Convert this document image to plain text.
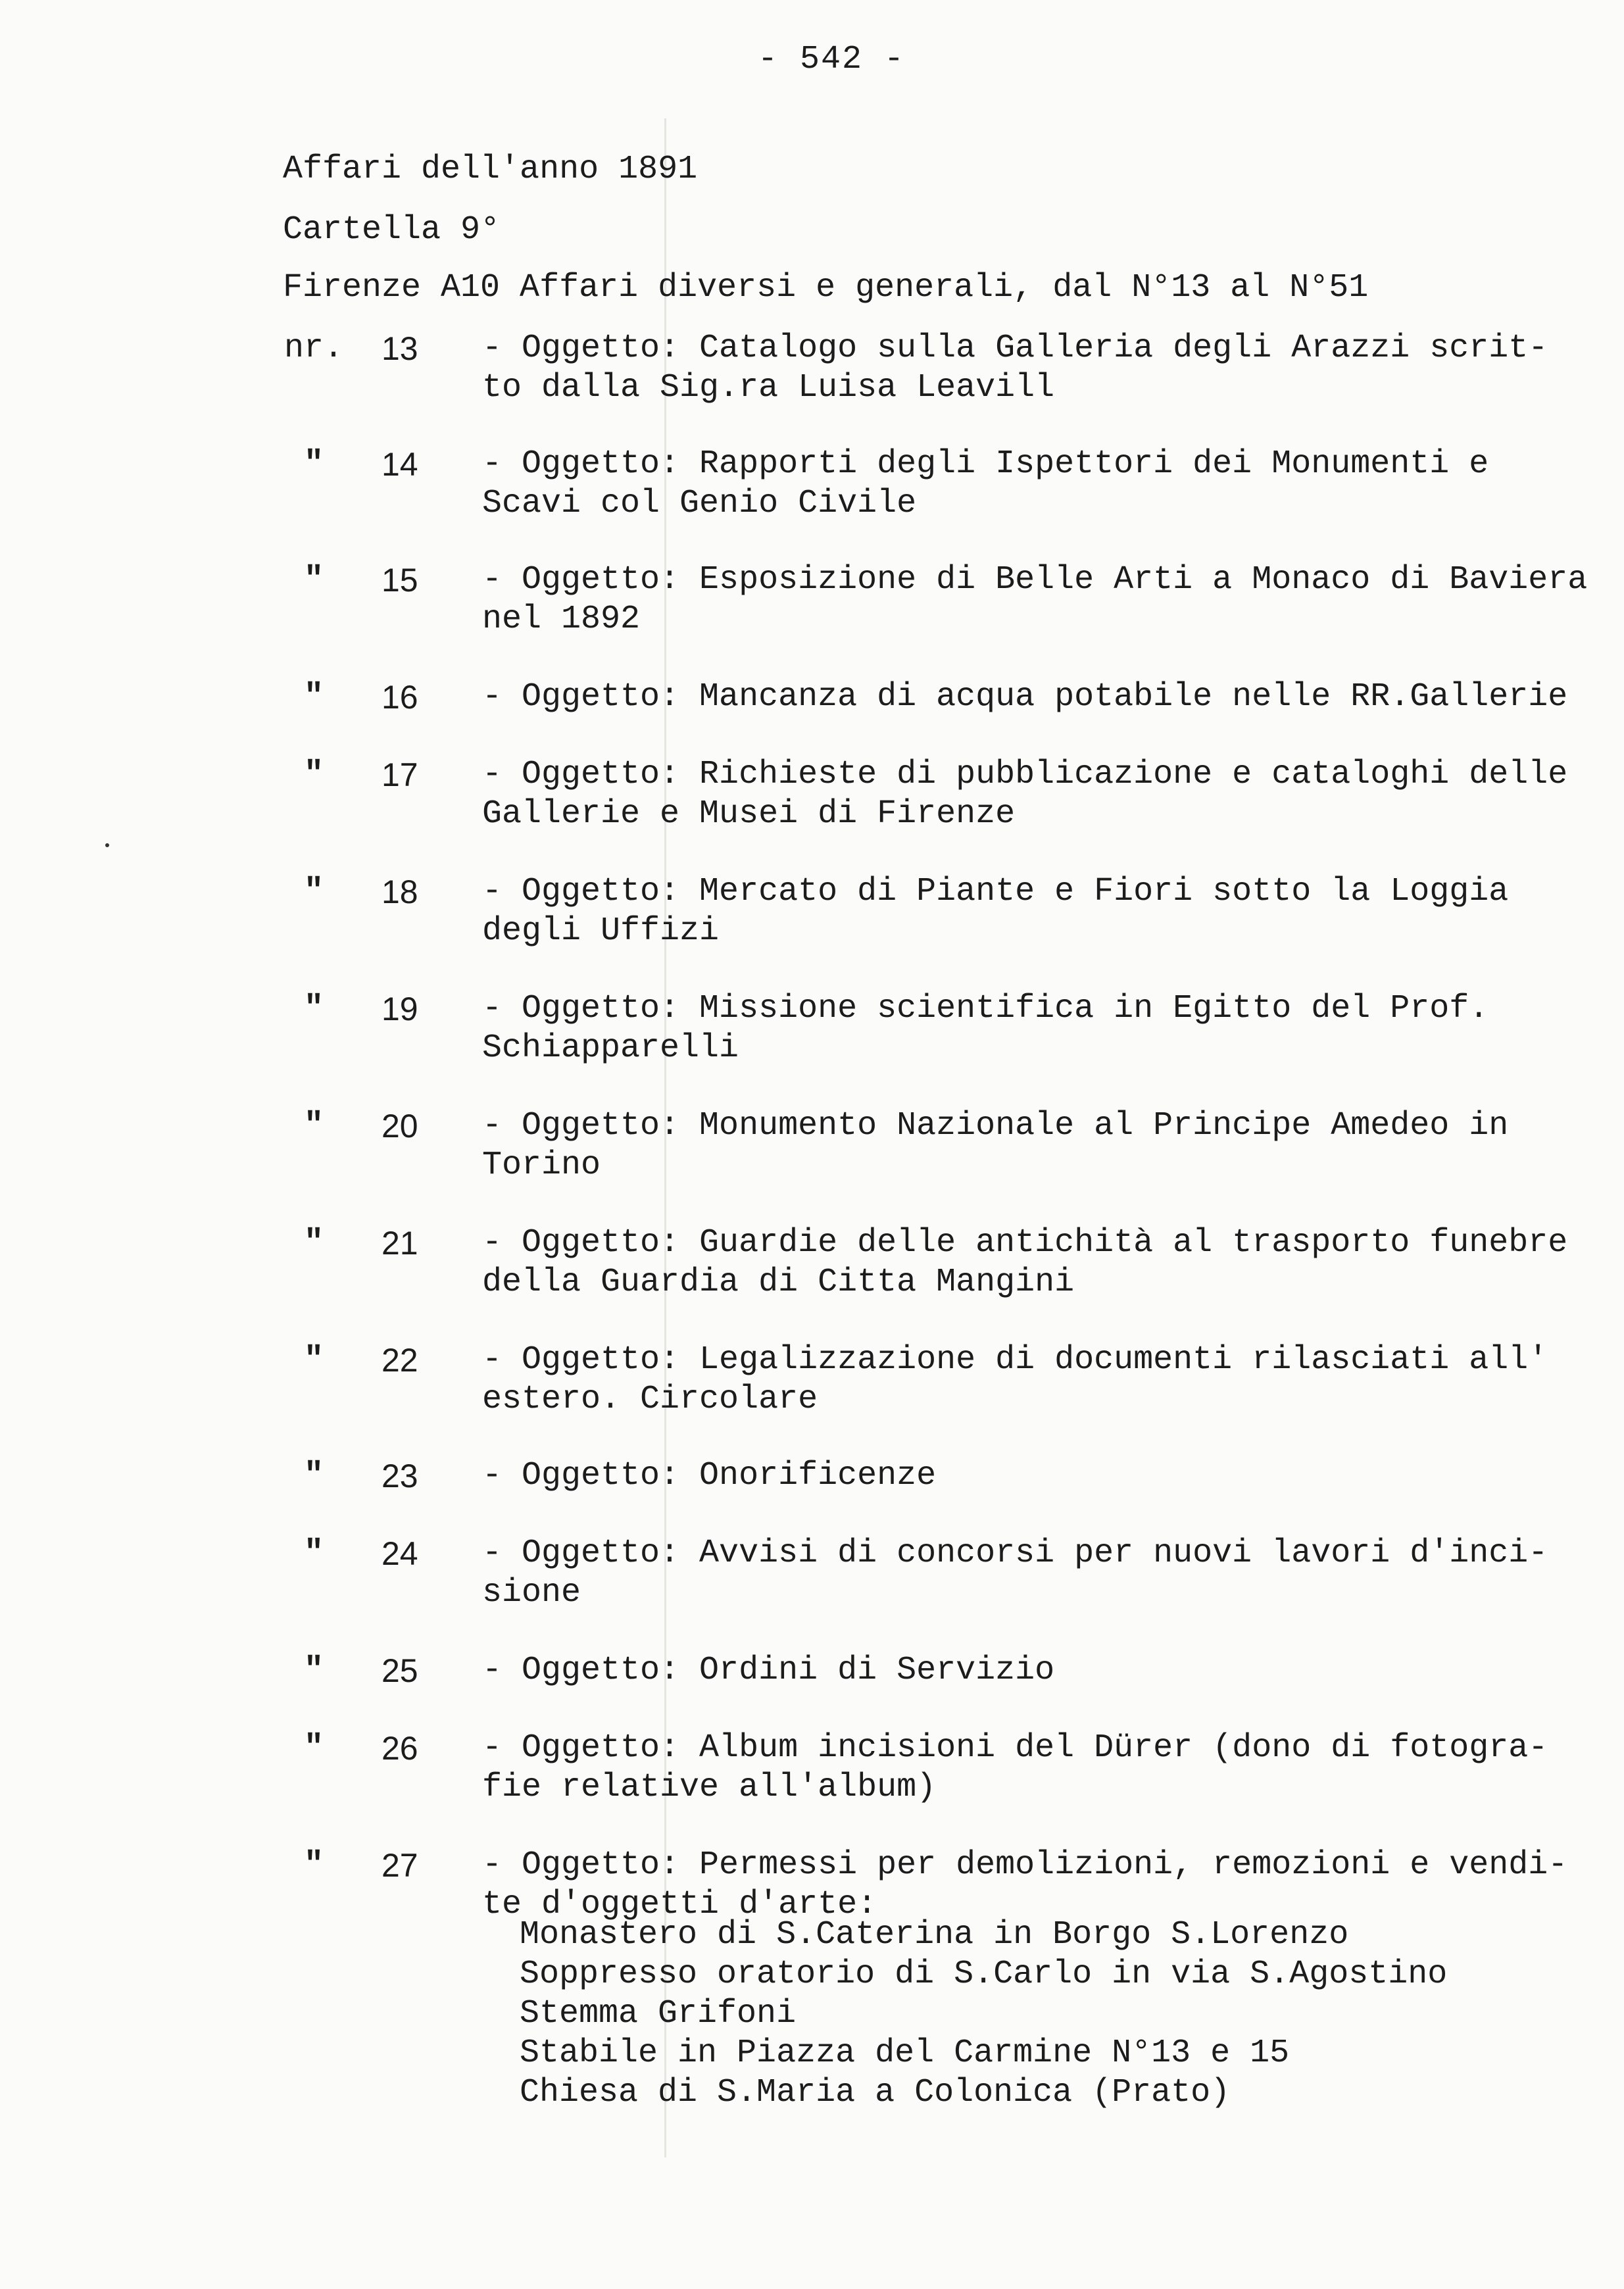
- 542 -
Affari dell'anno 1891
Cartella 9°
Firenze A10 Affari diversi e generali, dal N°13 al N°51
nr. 13 - Oggetto: Catalogo sulla Galleria degli Arazzi scrit-
to dalla Sig.ra Luisa Leavill
" 14 - Oggetto: Rapporti degli Ispettori dei Monumenti e
Scavi col Genio Civile
" 15 - Oggetto: Esposizione di Belle Arti a Monaco di Baviera
nel 1892
" 16 - Oggetto: Mancanza di acqua potabile nelle RR.Gallerie
" 17 - Oggetto: Richieste di pubblicazione e cataloghi delle
Gallerie e Musei di Firenze
" 18 - Oggetto: Mercato di Piante e Fiori sotto la Loggia
degli Uffizi
" 19 - Oggetto: Missione scientifica in Egitto del Prof.
Schiapparelli
" 20 - Oggetto: Monumento Nazionale al Principe Amedeo in
Torino
" 21 - Oggetto: Guardie delle antichità al trasporto funebre
della Guardia di Citta Mangini
" 22 - Oggetto: Legalizzazione di documenti rilasciati all'
estero. Circolare
" 23 - Oggetto: Onorificenze
" 24 - Oggetto: Avvisi di concorsi per nuovi lavori d'inci-
sione
" 25 - Oggetto: Ordini di Servizio
" 26 - Oggetto: Album incisioni del Dürer (dono di fotogra-
fie relative all'album)
" 27 - Oggetto: Permessi per demolizioni, remozioni e vendi-
te d'oggetti d'arte:
Monastero di S.Caterina in Borgo S.Lorenzo
Soppresso oratorio di S.Carlo in via S.Agostino
Stemma Grifoni
Stabile in Piazza del Carmine N°13 e 15
Chiesa di S.Maria a Colonica (Prato)
